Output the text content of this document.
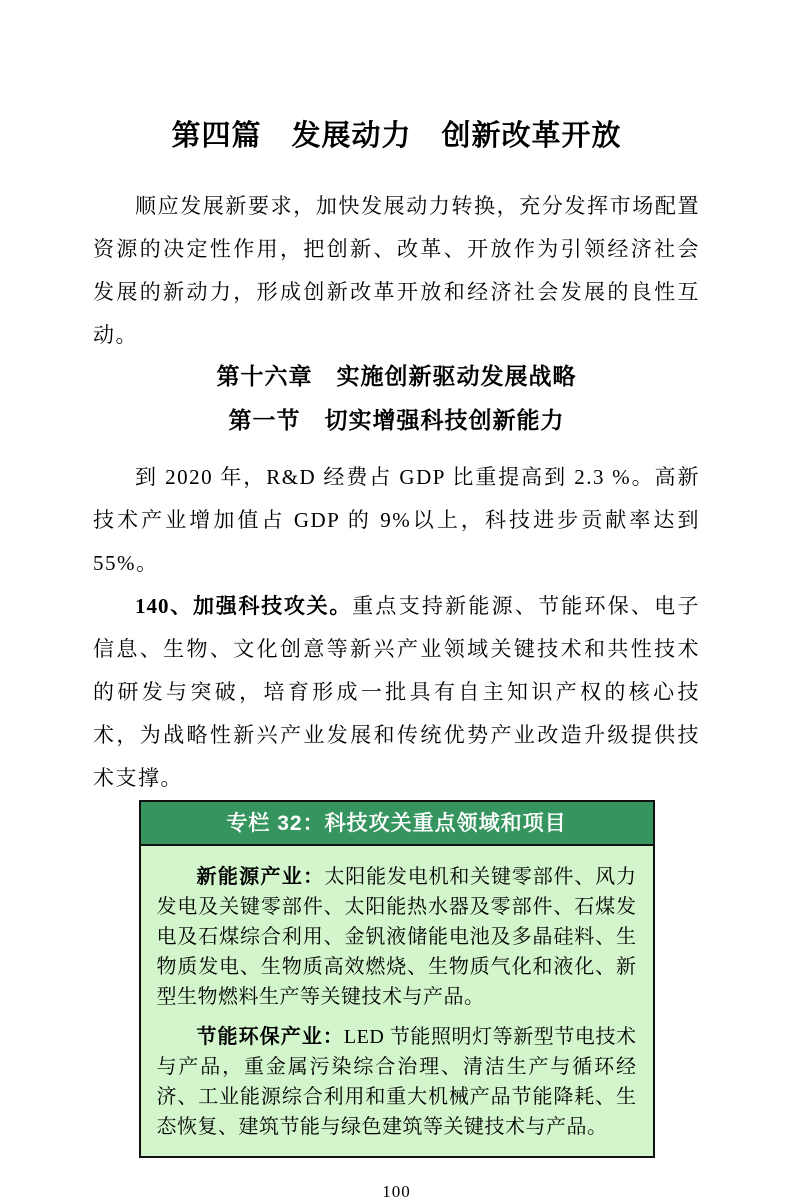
第四篇　发展动力　创新改革开放

顺应发展新要求，加快发展动力转换，充分发挥市场配置资源的决定性作用，把创新、改革、开放作为引领经济社会发展的新动力，形成创新改革开放和经济社会发展的良性互动。

第十六章　实施创新驱动发展战略
第一节　切实增强科技创新能力

到 2020 年，R&D 经费占 GDP 比重提高到 2.3 %。高新技术产业增加值占 GDP 的 9%以上，科技进步贡献率达到 55%。

140、加强科技攻关。重点支持新能源、节能环保、电子信息、生物、文化创意等新兴产业领域关键技术和共性技术的研发与突破，培育形成一批具有自主知识产权的核心技术，为战略性新兴产业发展和传统优势产业改造升级提供技术支撑。

专栏 32：科技攻关重点领域和项目

新能源产业：太阳能发电机和关键零部件、风力发电及关键零部件、太阳能热水器及零部件、石煤发电及石煤综合利用、金钒液储能电池及多晶硅料、生物质发电、生物质高效燃烧、生物质气化和液化、新型生物燃料生产等关键技术与产品。

节能环保产业：LED 节能照明灯等新型节电技术与产品，重金属污染综合治理、清洁生产与循环经济、工业能源综合利用和重大机械产品节能降耗、生态恢复、建筑节能与绿色建筑等关键技术与产品。

100
